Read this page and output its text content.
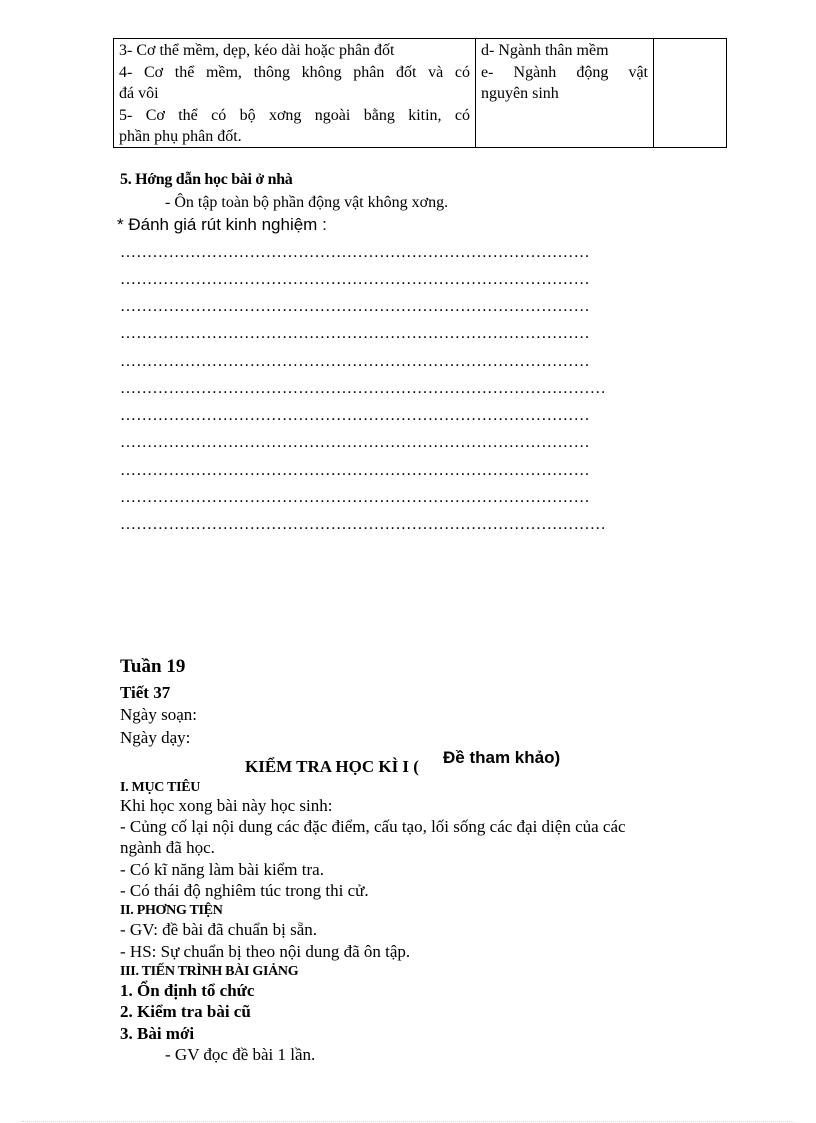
3- Cơ thể mềm, dẹp, kéo dài hoặc phân đốt
4- Cơ thể mềm, thông không phân đốt và có
đá vôi
5- Cơ thể có bộ xơng ngoài bằng kitin, có
phần phụ phân đốt.
d- Ngành thân mềm
e- Ngành động vật
nguyên sinh
5. Hớng dẫn học bài ở nhà
- Ôn tập toàn bộ phần động vật không xơng.
* Đánh giá rút kinh nghiệm :
……………………………………………………………………………
……………………………………………………………………………
……………………………………………………………………………
……………………………………………………………………………
……………………………………………………………………………
………………………………………………………………………………
……………………………………………………………………………
……………………………………………………………………………
……………………………………………………………………………
……………………………………………………………………………
………………………………………………………………………………
Tuần 19
Tiết 37
Ngày soạn:
Ngày dạy:
KIỂM TRA HỌC KÌ I ( Đề tham khảo)
I. MỤC TIÊU
Khi học xong bài này học sinh:
- Củng cố lại nội dung các đặc điểm, cấu tạo, lối sống các đại diện của các
ngành đã học.
- Có kĩ năng làm bài kiểm tra.
- Có thái độ nghiêm túc trong thi cử.
II. PHƠNG TIỆN
- GV: đề bài đã chuẩn bị sẵn.
- HS: Sự chuẩn bị theo nội dung đã ôn tập.
III. TIẾN TRÌNH BÀI GIẢNG
1. Ổn định tổ chức
2. Kiểm tra bài cũ
3. Bài mới
- GV đọc đề bài 1 lần.
